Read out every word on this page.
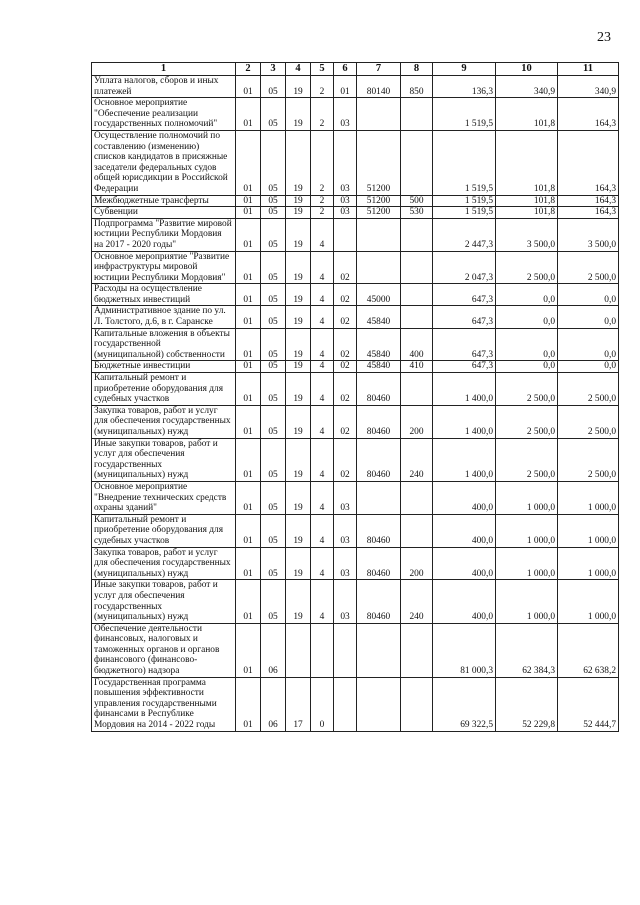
23
1	2	3	4	5	6	7	8	9	10	11
Уплата налогов, сборов и иных платежей	01	05	19	2	01	80140	850	136,3	340,9	340,9
Основное мероприятие "Обеспечение реализации государственных полномочий"	01	05	19	2	03			1 519,5	101,8	164,3
Осуществление полномочий по составлению (изменению) списков кандидатов в присяжные заседатели федеральных судов общей юрисдикции в Российской Федерации	01	05	19	2	03	51200		1 519,5	101,8	164,3
Межбюджетные трансферты	01	05	19	2	03	51200	500	1 519,5	101,8	164,3
Субвенции	01	05	19	2	03	51200	530	1 519,5	101,8	164,3
Подпрограмма "Развитие мировой юстиции Республики Мордовия на 2017 - 2020 годы"	01	05	19	4				2 447,3	3 500,0	3 500,0
Основное мероприятие "Развитие инфраструктуры мировой юстиции Республики Мордовия"	01	05	19	4	02			2 047,3	2 500,0	2 500,0
Расходы на осуществление бюджетных инвестиций	01	05	19	4	02	45000		647,3	0,0	0,0
Административное здание по ул. Л. Толстого, д.6, в г. Саранске	01	05	19	4	02	45840		647,3	0,0	0,0
Капитальные вложения в объекты государственной (муниципальной) собственности	01	05	19	4	02	45840	400	647,3	0,0	0,0
Бюджетные инвестиции	01	05	19	4	02	45840	410	647,3	0,0	0,0
Капитальный ремонт и приобретение оборудования для судебных участков	01	05	19	4	02	80460		1 400,0	2 500,0	2 500,0
Закупка товаров, работ и услуг для обеспечения государственных (муниципальных) нужд	01	05	19	4	02	80460	200	1 400,0	2 500,0	2 500,0
Иные закупки товаров, работ и услуг для обеспечения государственных (муниципальных) нужд	01	05	19	4	02	80460	240	1 400,0	2 500,0	2 500,0
Основное мероприятие "Внедрение технических средств охраны зданий"	01	05	19	4	03			400,0	1 000,0	1 000,0
Капитальный ремонт и приобретение оборудования для судебных участков	01	05	19	4	03	80460		400,0	1 000,0	1 000,0
Закупка товаров, работ и услуг для обеспечения государственных (муниципальных) нужд	01	05	19	4	03	80460	200	400,0	1 000,0	1 000,0
Иные закупки товаров, работ и услуг для обеспечения государственных (муниципальных) нужд	01	05	19	4	03	80460	240	400,0	1 000,0	1 000,0
Обеспечение деятельности финансовых, налоговых и таможенных органов и органов финансового (финансово-бюджетного) надзора	01	06						81 000,3	62 384,3	62 638,2
Государственная программа повышения эффективности управления государственными финансами в Республике Мордовия на 2014 - 2022 годы	01	06	17	0				69 322,5	52 229,8	52 444,7
